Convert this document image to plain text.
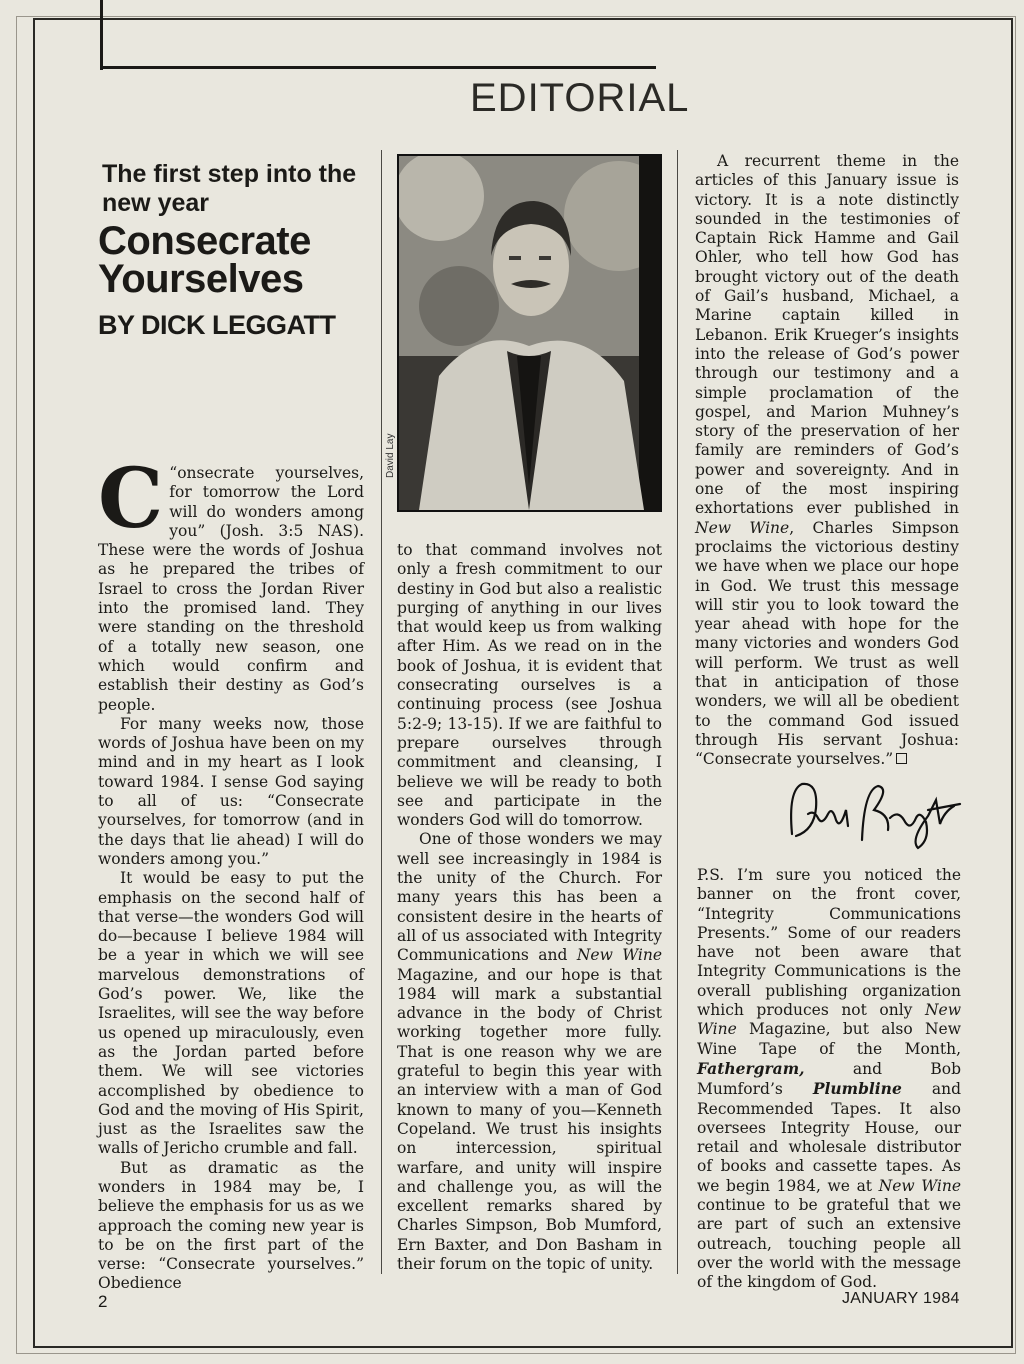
EDITORIAL
The first step into the new year
Consecrate Yourselves
BY DICK LEGGATT

“
C onsecrate yourselves, for tomorrow the Lord will do wonders among you” (Josh. 3:5 NAS). These were the words of Joshua as he prepared the tribes of Israel to cross the Jordan River into the promised land. They were standing on the threshold of a totally new season, one which would confirm and establish their destiny as God’s people.

For many weeks now, those words of Joshua have been on my mind and in my heart as I look toward 1984. I sense God saying to all of us: “Consecrate yourselves, for tomorrow (and in the days that lie ahead) I will do wonders among you.”

It would be easy to put the emphasis on the second half of that verse—the wonders God will do—because I believe 1984 will be a year in which we will see marvelous demonstrations of God’s power. We, like the Israelites, will see the way before us opened up miraculously, even as the Jordan parted before them. We will see victories accomplished by obedience to God and the moving of His Spirit, just as the Israelites saw the walls of Jericho crumble and fall.

But as dramatic as the wonders in 1984 may be, I believe the emphasis for us as we approach the coming new year is to be on the first part of the verse: “Consecrate yourselves.” Obedience

David Lay

to that command involves not only a fresh commitment to our destiny in God but also a realistic purging of anything in our lives that would keep us from walking after Him. As we read on in the book of Joshua, it is evident that consecrating ourselves is a continuing process (see Joshua 5:2-9; 13-15). If we are faithful to prepare ourselves through commitment and cleansing, I believe we will be ready to both see and participate in the wonders God will do tomorrow.

One of those wonders we may well see increasingly in 1984 is the unity of the Church. For many years this has been a consistent desire in the hearts of all of us associated with Integrity Communications and New Wine Magazine, and our hope is that 1984 will mark a substantial advance in the body of Christ working together more fully. That is one reason why we are grateful to begin this year with an interview with a man of God known to many of you—Kenneth Copeland. We trust his insights on intercession, spiritual warfare, and unity will inspire and challenge you, as will the excellent remarks shared by Charles Simpson, Bob Mumford, Ern Baxter, and Don Basham in their forum on the topic of unity.

A recurrent theme in the articles of this January issue is victory. It is a note distinctly sounded in the testimonies of Captain Rick Hamme and Gail Ohler, who tell how God has brought victory out of the death of Gail’s husband, Michael, a Marine captain killed in Lebanon. Erik Krueger’s insights into the release of God’s power through our testimony and a simple proclamation of the gospel, and Marion Muhney’s story of the preservation of her family are reminders of God’s power and sovereignty. And in one of the most inspiring exhortations ever published in New Wine, Charles Simpson proclaims the victorious destiny we have when we place our hope in God. We trust this message will stir you to look toward the year ahead with hope for the many victories and wonders God will perform. We trust as well that in anticipation of those wonders, we will all be obedient to the command God issued through His servant Joshua: “Consecrate yourselves.”

P.S. I’m sure you noticed the banner on the front cover, “Integrity Communications Presents.” Some of our readers have not been aware that Integrity Communications is the overall publishing organization which produces not only New Wine Magazine, but also New Wine Tape of the Month, Fathergram, and Bob Mumford’s Plumbline and Recommended Tapes. It also oversees Integrity House, our retail and wholesale distributor of books and cassette tapes. As we begin 1984, we at New Wine continue to be grateful that we are part of such an extensive outreach, touching people all over the world with the message of the kingdom of God.

2	JANUARY 1984
